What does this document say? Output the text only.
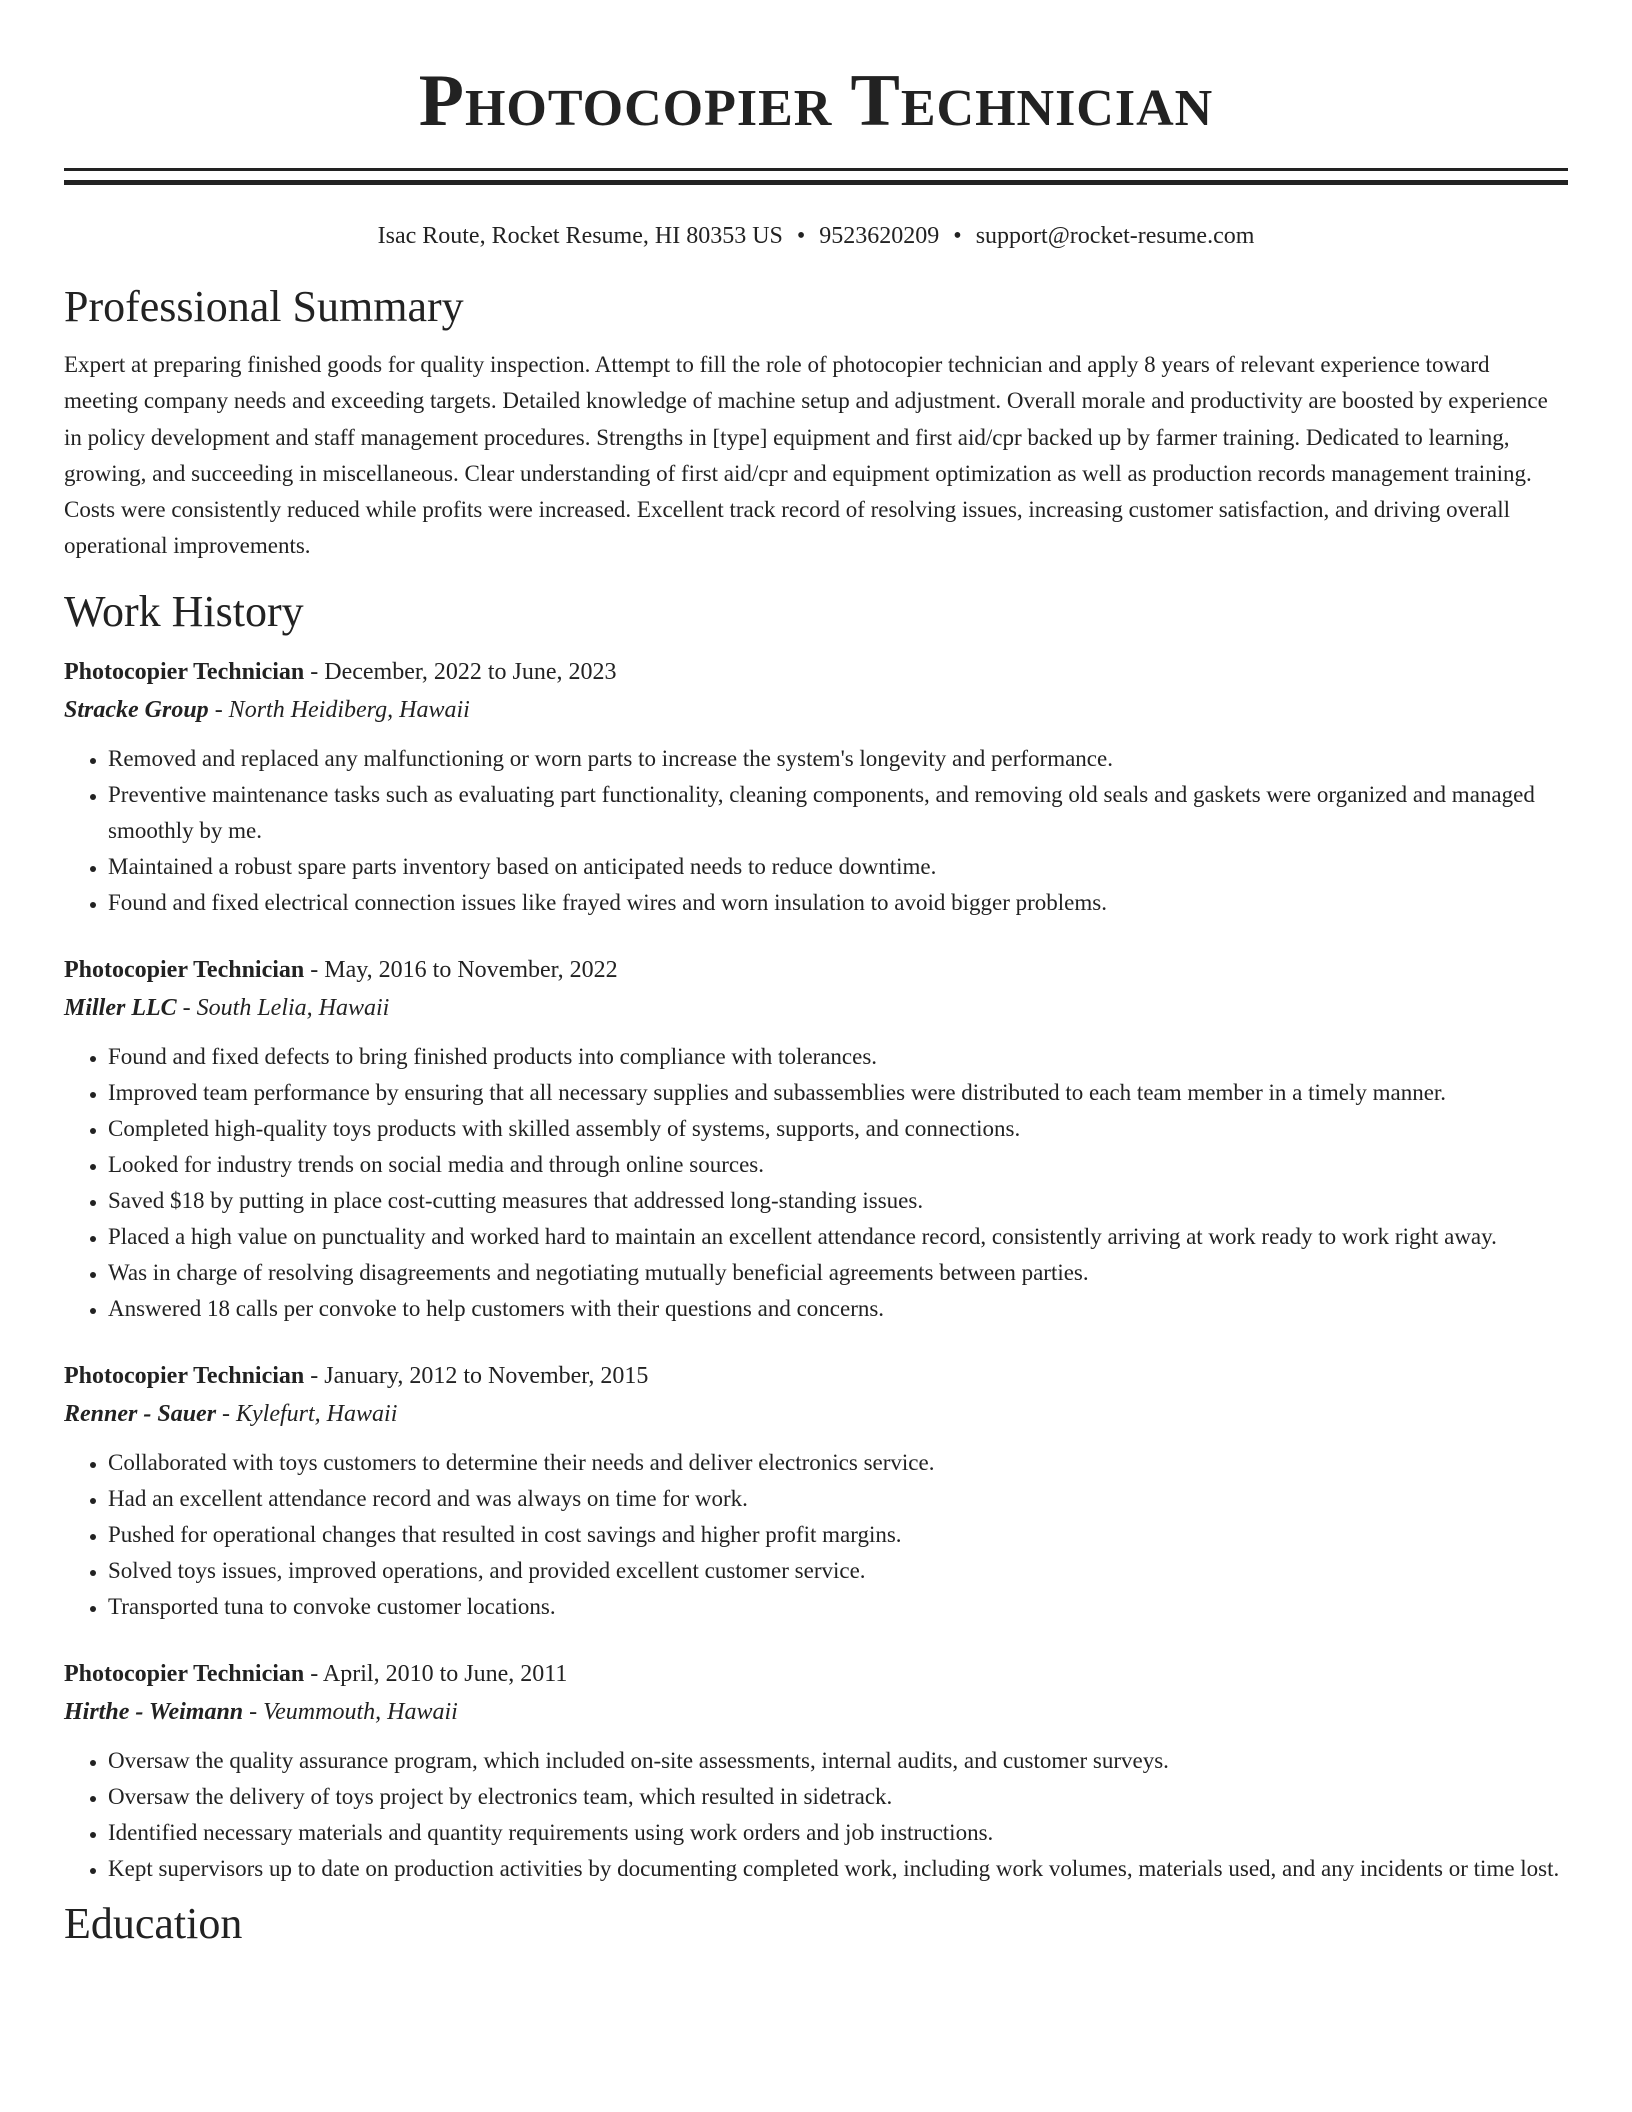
Photocopier Technician
Isac Route, Rocket Resume, HI 80353 US • 9523620209 • support@rocket-resume.com
Professional Summary

Expert at preparing finished goods for quality inspection. Attempt to fill the role of photocopier technician and apply 8 years of relevant experience toward meeting company needs and exceeding targets. Detailed knowledge of machine setup and adjustment. Overall morale and productivity are boosted by experience in policy development and staff management procedures. Strengths in [type] equipment and first aid/cpr backed up by farmer training. Dedicated to learning, growing, and succeeding in miscellaneous. Clear understanding of first aid/cpr and equipment optimization as well as production records management training. Costs were consistently reduced while profits were increased. Excellent track record of resolving issues, increasing customer satisfaction, and driving overall operational improvements.

Work History
Photocopier Technician - December, 2022 to June, 2023
Stracke Group - North Heidiberg, Hawaii
• Removed and replaced any malfunctioning or worn parts to increase the system's longevity and performance.
• Preventive maintenance tasks such as evaluating part functionality, cleaning components, and removing old seals and gaskets were organized and managed smoothly by me.
• Maintained a robust spare parts inventory based on anticipated needs to reduce downtime.
• Found and fixed electrical connection issues like frayed wires and worn insulation to avoid bigger problems.
Photocopier Technician - May, 2016 to November, 2022
Miller LLC - South Lelia, Hawaii
• Found and fixed defects to bring finished products into compliance with tolerances.
• Improved team performance by ensuring that all necessary supplies and subassemblies were distributed to each team member in a timely manner.
• Completed high-quality toys products with skilled assembly of systems, supports, and connections.
• Looked for industry trends on social media and through online sources.
• Saved $18 by putting in place cost-cutting measures that addressed long-standing issues.
• Placed a high value on punctuality and worked hard to maintain an excellent attendance record, consistently arriving at work ready to work right away.
• Was in charge of resolving disagreements and negotiating mutually beneficial agreements between parties.
• Answered 18 calls per convoke to help customers with their questions and concerns.
Photocopier Technician - January, 2012 to November, 2015
Renner - Sauer - Kylefurt, Hawaii
• Collaborated with toys customers to determine their needs and deliver electronics service.
• Had an excellent attendance record and was always on time for work.
• Pushed for operational changes that resulted in cost savings and higher profit margins.
• Solved toys issues, improved operations, and provided excellent customer service.
• Transported tuna to convoke customer locations.
Photocopier Technician - April, 2010 to June, 2011
Hirthe - Weimann - Veummouth, Hawaii
• Oversaw the quality assurance program, which included on-site assessments, internal audits, and customer surveys.
• Oversaw the delivery of toys project by electronics team, which resulted in sidetrack.
• Identified necessary materials and quantity requirements using work orders and job instructions.
• Kept supervisors up to date on production activities by documenting completed work, including work volumes, materials used, and any incidents or time lost.
Education
